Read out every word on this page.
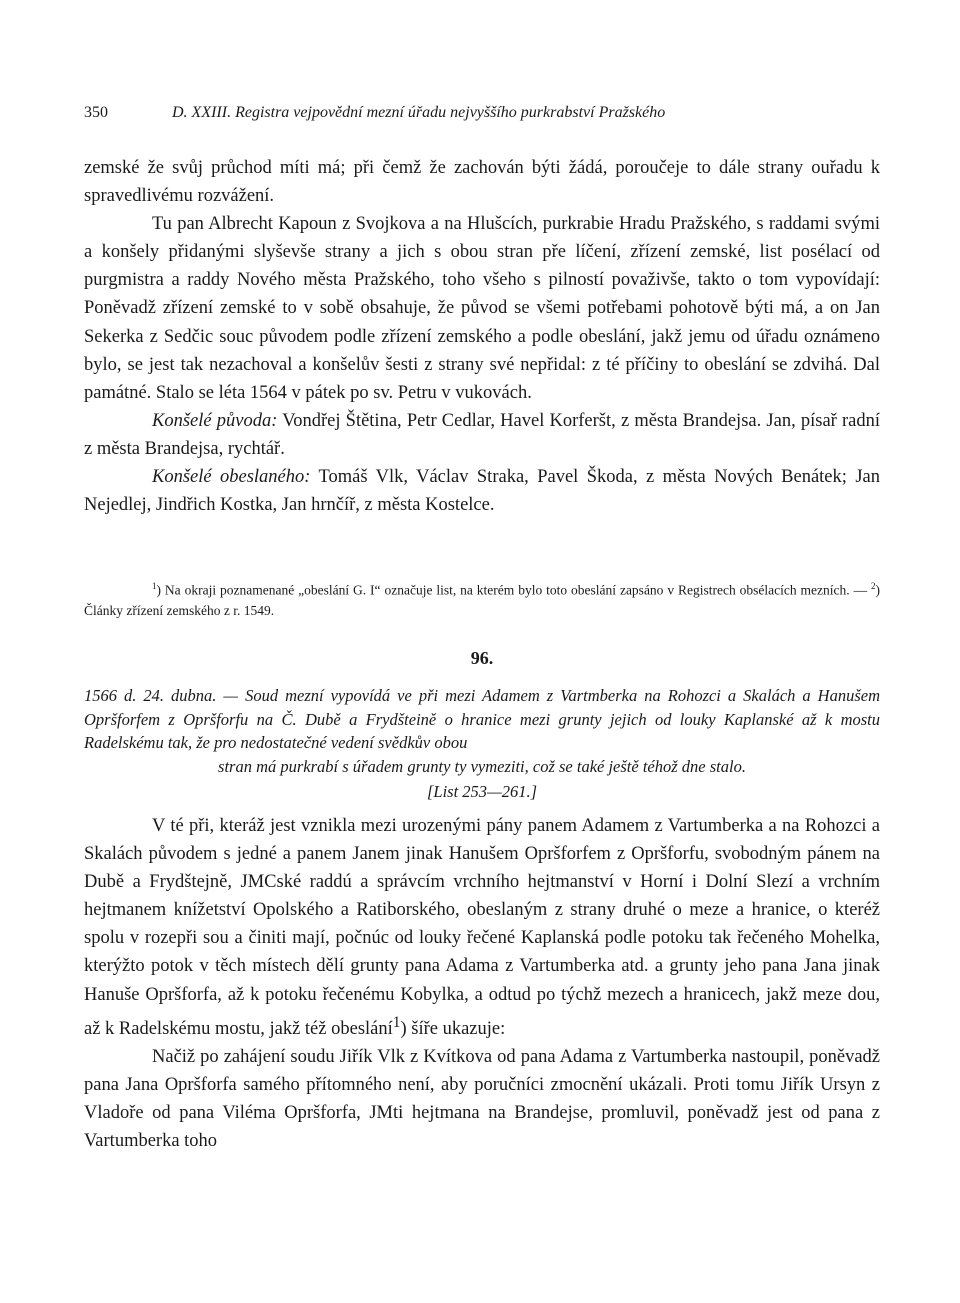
350	D. XXIII. Registra vejpovědní mezní úřadu nejvyššího purkrabství Pražského

zemské že svůj průchod míti má; při čemž že zachován býti žádá, poroučeje to dále strany ouřadu k spravedlivému rozvážení.

Tu pan Albrecht Kapoun z Svojkova a na Hlušcích, purkrabie Hradu Pražského, s raddami svými a konšely přidanými slyševše strany a jich s obou stran pře líčení, zřízení zemské, list posélací od purgmistra a raddy Nového města Pražského, toho všeho s pilností považivše, takto o tom vypovídají: Poněvadž zřízení zemské to v sobě obsahuje, že původ se všemi potřebami pohotově býti má, a on Jan Sekerka z Sedčic souc původem podle zřízení zemského a podle obeslání, jakž jemu od úřadu oznámeno bylo, se jest tak nezachoval a konšelův šesti z strany své nepřidal: z té příčiny to obeslání se zdvihá. Dal památné. Stalo se léta 1564 v pátek po sv. Petru v vukovách.

Konšelé původa: Vondřej Štětina, Petr Cedlar, Havel Korferšt, z města Brandejsa. Jan, písař radní z města Brandejsa, rychtář.

Konšelé obeslaného: Tomáš Vlk, Václav Straka, Pavel Škoda, z města Nových Benátek; Jan Nejedlej, Jindřich Kostka, Jan hrnčíř, z města Kostelce.

$^1$) Na okraji poznamenané „obeslání G. I“ označuje list, na kterém bylo toto obeslání zapsáno v Registrech obsélacích mezních. — $^2$) Články zřízení zemského z r. 1549.

96.

1566 d. 24. dubna. — Soud mezní vypovídá ve při mezi Adamem z Vartmberka na Rohozci a Skalách a Hanušem Opršforfem z Opršforfu na Č. Dubě a Frydšteině o hranice mezi grunty jejich od louky Kaplanské až k mostu Radelskému tak, že pro nedostatečné vedení svědkův obou

stran má purkrabí s úřadem grunty ty vymeziti, což se také ještě téhož dne stalo.

[List 253—261.]

V té při, kteráž jest vznikla mezi urozenými pány panem Adamem z Vartumberka a na Rohozci a Skalách původem s jedné a panem Janem jinak Hanušem Opršforfem z Opršforfu, svobodným pánem na Dubě a Frydštejně, JMCské raddú a správcím vrchního hejtmanství v Horní i Dolní Slezí a vrchním hejtmanem knížetství Opolského a Ratiborského, obeslaným z strany druhé o meze a hranice, o kteréž spolu v rozepři sou a činiti mají, počnúc od louky řečené Kaplanská podle potoku tak řečeného Mohelka, kterýžto potok v těch místech dělí grunty pana Adama z Vartumberka atd. a grunty jeho pana Jana jinak Hanuše Opršforfa, až k potoku řečenému Kobylka, a odtud po týchž mezech a hranicech, jakž meze dou, až k Radelskému mostu, jakž též obeslání$^1$) šíře ukazuje:

Načiž po zahájení soudu Jiřík Vlk z Kvítkova od pana Adama z Vartumberka nastoupil, poněvadž pana Jana Opršforfa samého přítomného není, aby poručníci zmocnění ukázali. Proti tomu Jiřík Ursyn z Vladoře od pana Viléma Opršforfa, JMti hejtmana na Brandejse, promluvil, poněvadž jest od pana z Vartumberka toho
